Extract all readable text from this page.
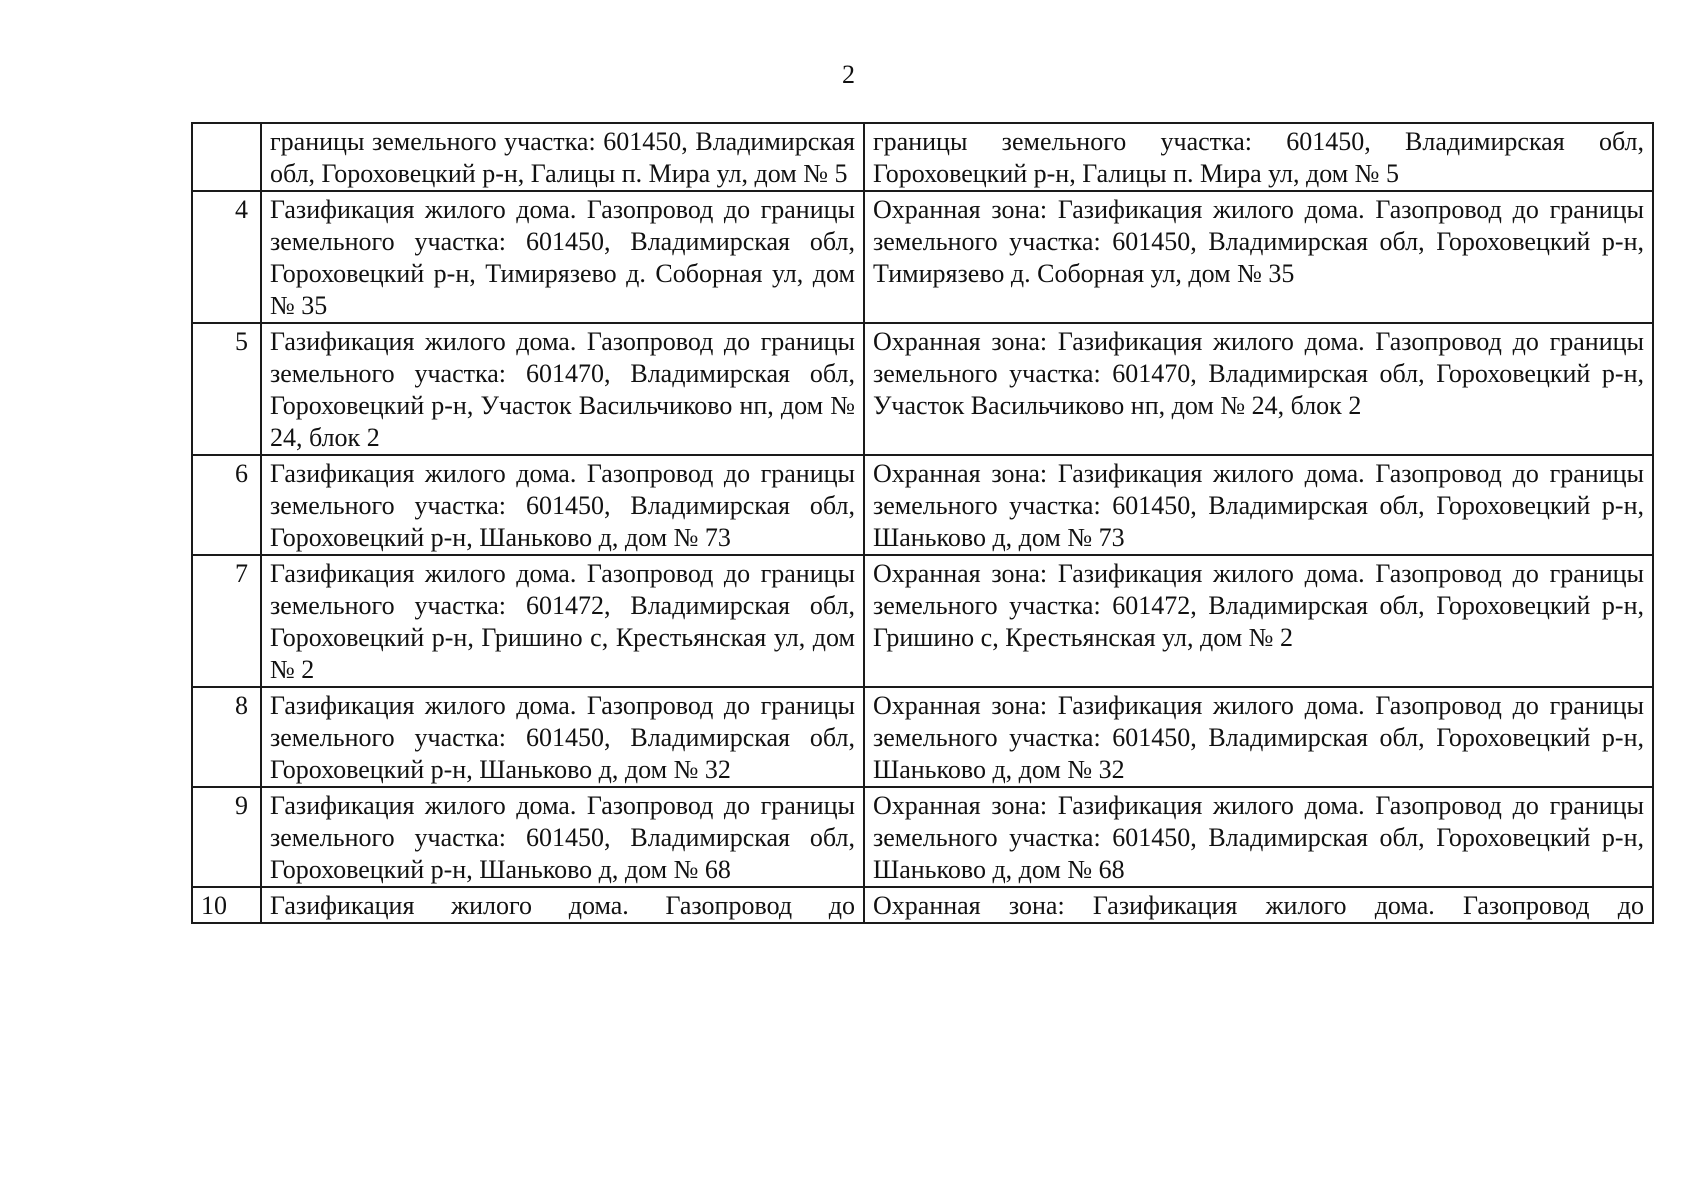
2
	границы земельного участка: 601450, Владимирская обл, Гороховецкий р-н, Галицы п. Мира ул, дом № 5	границы земельного участка: 601450, Владимирская обл, Гороховецкий р-н, Галицы п. Мира ул, дом № 5
4	Газификация жилого дома. Газопровод до границы земельного участка: 601450, Владимирская обл, Гороховецкий р-н, Тимирязево д. Соборная ул, дом № 35	Охранная зона: Газификация жилого дома. Газопровод до границы земельного участка: 601450, Владимирская обл, Гороховецкий р-н, Тимирязево д. Соборная ул, дом № 35
5	Газификация жилого дома. Газопровод до границы земельного участка: 601470, Владимирская обл, Гороховецкий р-н, Участок Васильчиково нп, дом № 24, блок 2	Охранная зона: Газификация жилого дома. Газопровод до границы земельного участка: 601470, Владимирская обл, Гороховецкий р-н, Участок Васильчиково нп, дом № 24, блок 2
6	Газификация жилого дома. Газопровод до границы земельного участка: 601450, Владимирская обл, Гороховецкий р-н, Шаньково д, дом № 73	Охранная зона: Газификация жилого дома. Газопровод до границы земельного участка: 601450, Владимирская обл, Гороховецкий р-н, Шаньково д, дом № 73
7	Газификация жилого дома. Газопровод до границы земельного участка: 601472, Владимирская обл, Гороховецкий р-н, Гришино с, Крестьянская ул, дом № 2	Охранная зона: Газификация жилого дома. Газопровод до границы земельного участка: 601472, Владимирская обл, Гороховецкий р-н, Гришино с, Крестьянская ул, дом № 2
8	Газификация жилого дома. Газопровод до границы земельного участка: 601450, Владимирская обл, Гороховецкий р-н, Шаньково д, дом № 32	Охранная зона: Газификация жилого дома. Газопровод до границы земельного участка: 601450, Владимирская обл, Гороховецкий р-н, Шаньково д, дом № 32
9	Газификация жилого дома. Газопровод до границы земельного участка: 601450, Владимирская обл, Гороховецкий р-н, Шаньково д, дом № 68	Охранная зона: Газификация жилого дома. Газопровод до границы земельного участка: 601450, Владимирская обл, Гороховецкий р-н, Шаньково д, дом № 68
10	Газификация жилого дома. Газопровод до	Охранная зона: Газификация жилого дома. Газопровод до
